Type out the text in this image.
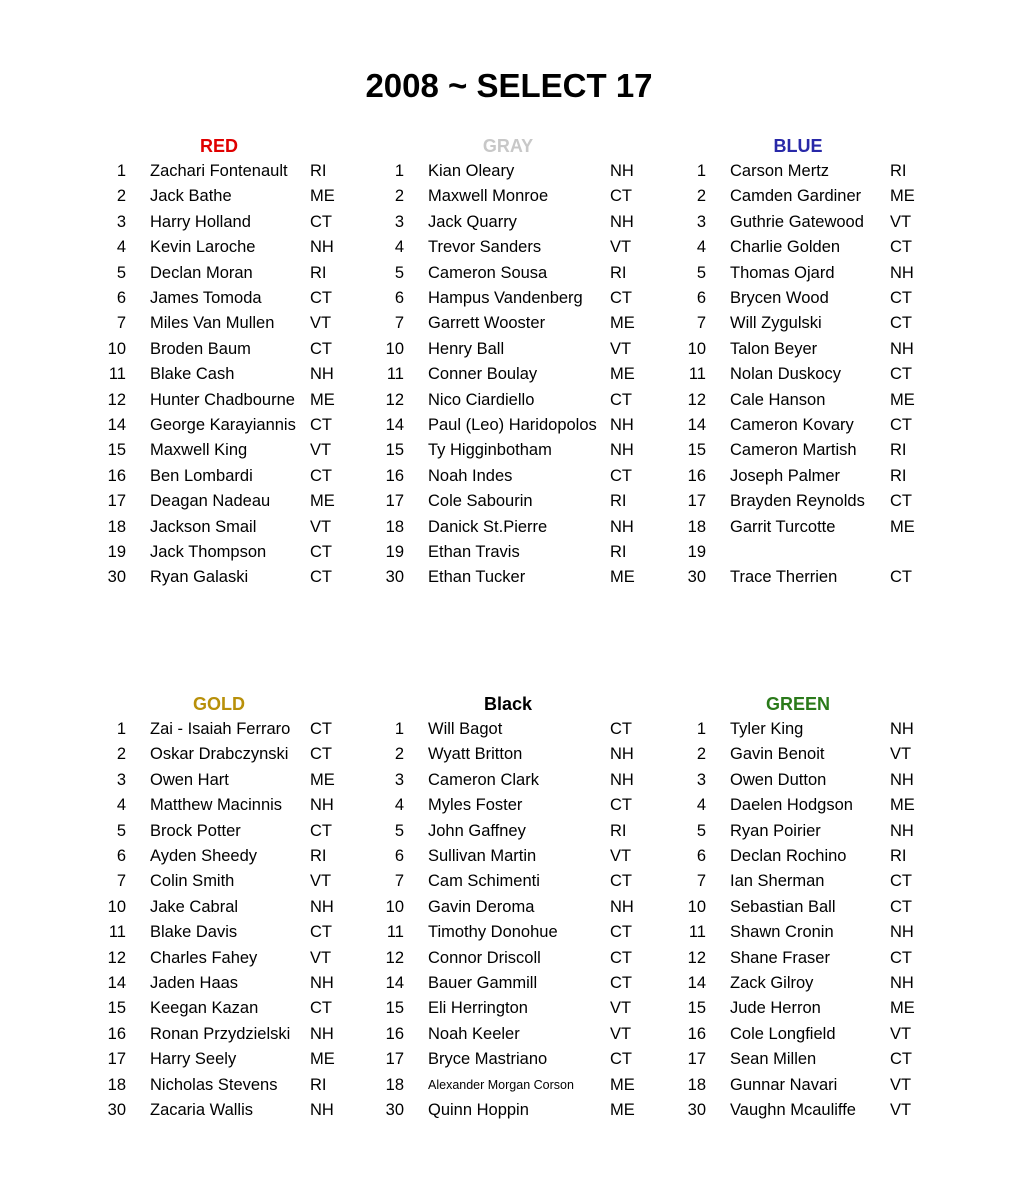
2008 ~ SELECT 17
RED
1 Zachari Fontenault RI
2 Jack Bathe	ME
3 Harry Holland	CT
4 Kevin Laroche	NH
5 Declan Moran	RI
6 James Tomoda	CT
7 Miles Van Mullen VT
10 Broden Baum	CT
11 Blake Cash	NH
12 Hunter Chadbourne ME
14 George Karayiannis CT
15 Maxwell King	VT
16 Ben Lombardi	CT
17 Deagan Nadeau ME
18 Jackson Smail	VT
19 Jack Thompson	CT
30 Ryan Galaski	CT
GRAY
1 Kian Oleary	NH
2 Maxwell Monroe	CT
3 Jack Quarry	NH
4 Trevor Sanders	VT
5 Cameron Sousa	RI
6 Hampus Vandenberg CT
7 Garrett Wooster	ME
10 Henry Ball	VT
11 Conner Boulay	ME
12 Nico Ciardiello	CT
14 Paul (Leo) Haridopolos NH
15 Ty Higginbotham	NH
16 Noah Indes	CT
17 Cole Sabourin	RI
18 Danick St.Pierre	NH
19 Ethan Travis	RI
30 Ethan Tucker	ME
BLUE
1 Carson Mertz	RI
2 Camden Gardiner ME
3 Guthrie Gatewood VT
4 Charlie Golden	CT
5 Thomas Ojard	NH
6 Brycen Wood	CT
7 Will Zygulski	CT
10 Talon Beyer	NH
11 Nolan Duskocy	CT
12 Cale Hanson	ME
14 Cameron Kovary CT
15 Cameron Martish RI
16 Joseph Palmer	RI
17 Brayden Reynolds CT
18 Garrit Turcotte	ME
19
30 Trace Therrien	CT
GOLD
1 Zai - Isaiah Ferraro CT
2 Oskar Drabczynski CT
3 Owen Hart	ME
4 Matthew Macinnis NH
5 Brock Potter	CT
6 Ayden Sheedy	RI
7 Colin Smith	VT
10 Jake Cabral	NH
11 Blake Davis	CT
12 Charles Fahey	VT
14 Jaden Haas	NH
15 Keegan Kazan	CT
16 Ronan Przydzielski NH
17 Harry Seely	ME
18 Nicholas Stevens RI
30 Zacaria Wallis	NH
Black
1 Will Bagot	CT
2 Wyatt Britton	NH
3 Cameron Clark	NH
4 Myles Foster	CT
5 John Gaffney	RI
6 Sullivan Martin	VT
7 Cam Schimenti	CT
10 Gavin Deroma	NH
11 Timothy Donohue	CT
12 Connor Driscoll	CT
14 Bauer Gammill	CT
15 Eli Herrington	VT
16 Noah Keeler	VT
17 Bryce Mastriano	CT
18 Alexander Morgan Corson ME
30 Quinn Hoppin	ME
GREEN
1 Tyler King	NH
2 Gavin Benoit	VT
3 Owen Dutton	NH
4 Daelen Hodgson ME
5 Ryan Poirier	NH
6 Declan Rochino	RI
7 Ian Sherman	CT
10 Sebastian Ball	CT
11 Shawn Cronin	NH
12 Shane Fraser	CT
14 Zack Gilroy	NH
15 Jude Herron	ME
16 Cole Longfield	VT
17 Sean Millen	CT
18 Gunnar Navari	VT
30 Vaughn Mcauliffe VT
